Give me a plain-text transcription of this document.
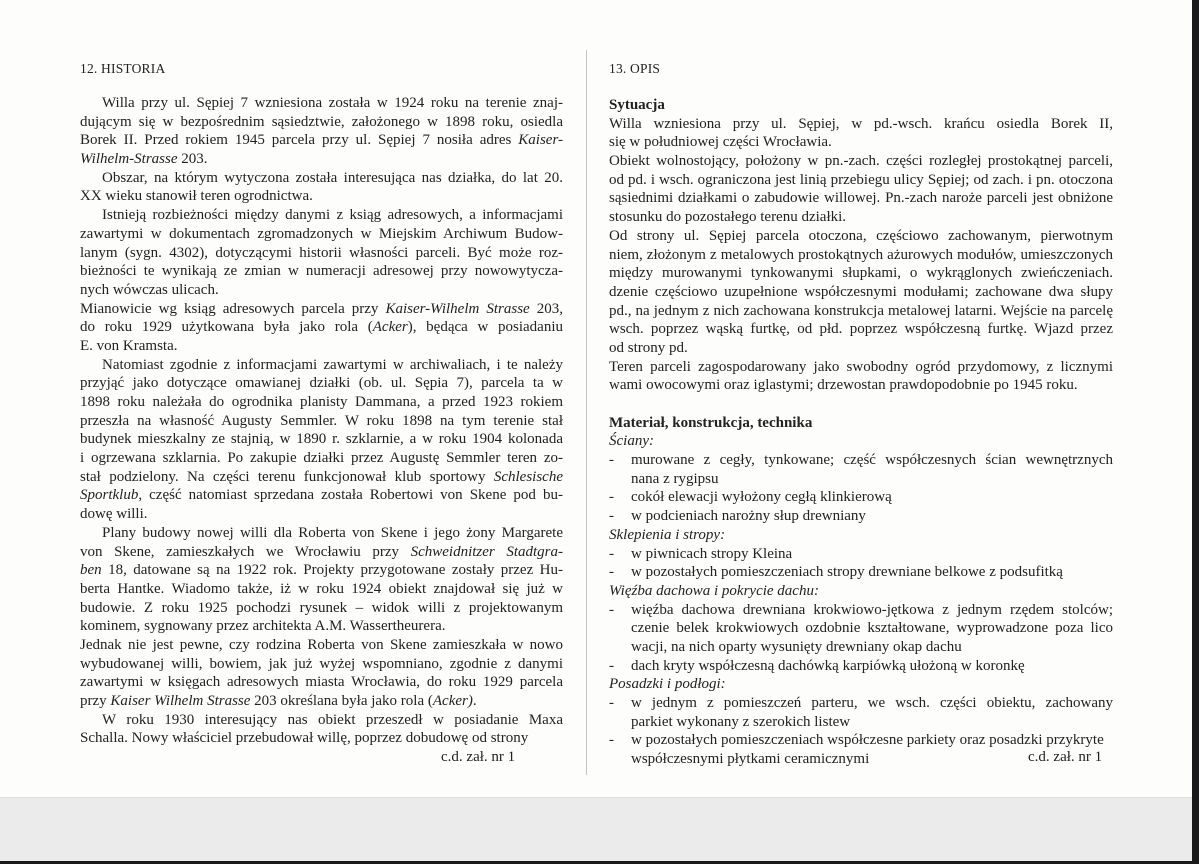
12. HISTORIA
Willa przy ul. Sępiej 7 wzniesiona została w 1924 roku na terenie znaj-
dującym się w bezpośrednim sąsiedztwie, założonego w 1898 roku, osiedla
Borek II. Przed rokiem 1945 parcela przy ul. Sępiej 7 nosiła adres Kaiser-
Wilhelm-Strasse 203.
Obszar, na którym wytyczona została interesująca nas działka, do lat 20.
XX wieku stanowił teren ogrodnictwa.
Istnieją rozbieżności między danymi z ksiąg adresowych, a informacjami
zawartymi w dokumentach zgromadzonych w Miejskim Archiwum Budow-
lanym (sygn. 4302), dotyczącymi historii własności parceli. Być może roz-
bieżności te wynikają ze zmian w numeracji adresowej przy nowowytycza-
nych wówczas ulicach.
Mianowicie wg ksiąg adresowych parcela przy Kaiser-Wilhelm Strasse 203,
do roku 1929 użytkowana była jako rola (Acker), będąca w posiadaniu
E. von Kramsta.
Natomiast zgodnie z informacjami zawartymi w archiwaliach, i te należy
przyjąć jako dotyczące omawianej działki (ob. ul. Sępia 7), parcela ta w
1898 roku należała do ogrodnika planisty Dammana, a przed 1923 rokiem
przeszła na własność Augusty Semmler. W roku 1898 na tym terenie stał
budynek mieszkalny ze stajnią, w 1890 r. szklarnie, a w roku 1904 kolonada
i ogrzewana szklarnia. Po zakupie działki przez Augustę Semmler teren zo-
stał podzielony. Na części terenu funkcjonował klub sportowy Schlesische
Sportklub, część natomiast sprzedana została Robertowi von Skene pod bu-
dowę willi.
Plany budowy nowej willi dla Roberta von Skene i jego żony Margarete
von Skene, zamieszkałych we Wrocławiu przy Schweidnitzer Stadtgra-
ben 18, datowane są na 1922 rok. Projekty przygotowane zostały przez Hu-
berta Hantke. Wiadomo także, iż w roku 1924 obiekt znajdował się już w
budowie. Z roku 1925 pochodzi rysunek – widok willi z projektowanym
kominem, sygnowany przez architekta A.M. Wassertheurera.
Jednak nie jest pewne, czy rodzina Roberta von Skene zamieszkała w nowo
wybudowanej willi, bowiem, jak już wyżej wspomniano, zgodnie z danymi
zawartymi w księgach adresowych miasta Wrocławia, do roku 1929 parcela
przy Kaiser Wilhelm Strasse 203 określana była jako rola (Acker).
W roku 1930 interesujący nas obiekt przeszedł w posiadanie Maxa
Schalla. Nowy właściciel przebudował willę, poprzez dobudowę od strony
c.d. zał. nr 1
13. OPIS
Sytuacja
Willa wzniesiona przy ul. Sępiej, w pd.-wsch. krańcu osiedla Borek II,
się w południowej części Wrocławia.
Obiekt wolnostojący, położony w pn.-zach. części rozległej prostokątnej parceli,
od pd. i wsch. ograniczona jest linią przebiegu ulicy Sępiej; od zach. i pn. otoczona
sąsiednimi działkami o zabudowie willowej. Pn.-zach naroże parceli jest obniżone
stosunku do pozostałego terenu działki.
Od strony ul. Sępiej parcela otoczona, częściowo zachowanym, pierwotnym
niem, złożonym z metalowych prostokątnych ażurowych modułów, umieszczonych
między murowanymi tynkowanymi słupkami, o wykrąglonych zwieńczeniach.
dzenie częściowo uzupełnione współczesnymi modułami; zachowane dwa słupy
pd., na jednym z nich zachowana konstrukcja metalowej latarni. Wejście na parcelę
wsch. poprzez wąską furtkę, od płd. poprzez współczesną furtkę. Wjazd przez
od strony pd.
Teren parceli zagospodarowany jako swobodny ogród przydomowy, z licznymi
wami owocowymi oraz iglastymi; drzewostan prawdopodobnie po 1945 roku.
Materiał, konstrukcja, technika
Ściany:
- murowane z cegły, tynkowane; część współczesnych ścian wewnętrznych
nana z rygipsu
- cokół elewacji wyłożony cegłą klinkierową
- w podcieniach narożny słup drewniany
Sklepienia i stropy:
- w piwnicach stropy Kleina
- w pozostałych pomieszczeniach stropy drewniane belkowe z podsufitką
Więźba dachowa i pokrycie dachu:
- więźba dachowa drewniana krokwiowo-jętkowa z jednym rzędem stolców;
czenie belek krokwiowych ozdobnie kształtowane, wyprowadzone poza lico
wacji, na nich oparty wysunięty drewniany okap dachu
- dach kryty współczesną dachówką karpiówką ułożoną w koronkę
Posadzki i podłogi:
- w jednym z pomieszczeń parteru, we wsch. części obiektu, zachowany
parkiet wykonany z szerokich listew
- w pozostałych pomieszczeniach współczesne parkiety oraz posadzki przykryte
współczesnymi płytkami ceramicznymi	c.d. zał. nr 1
